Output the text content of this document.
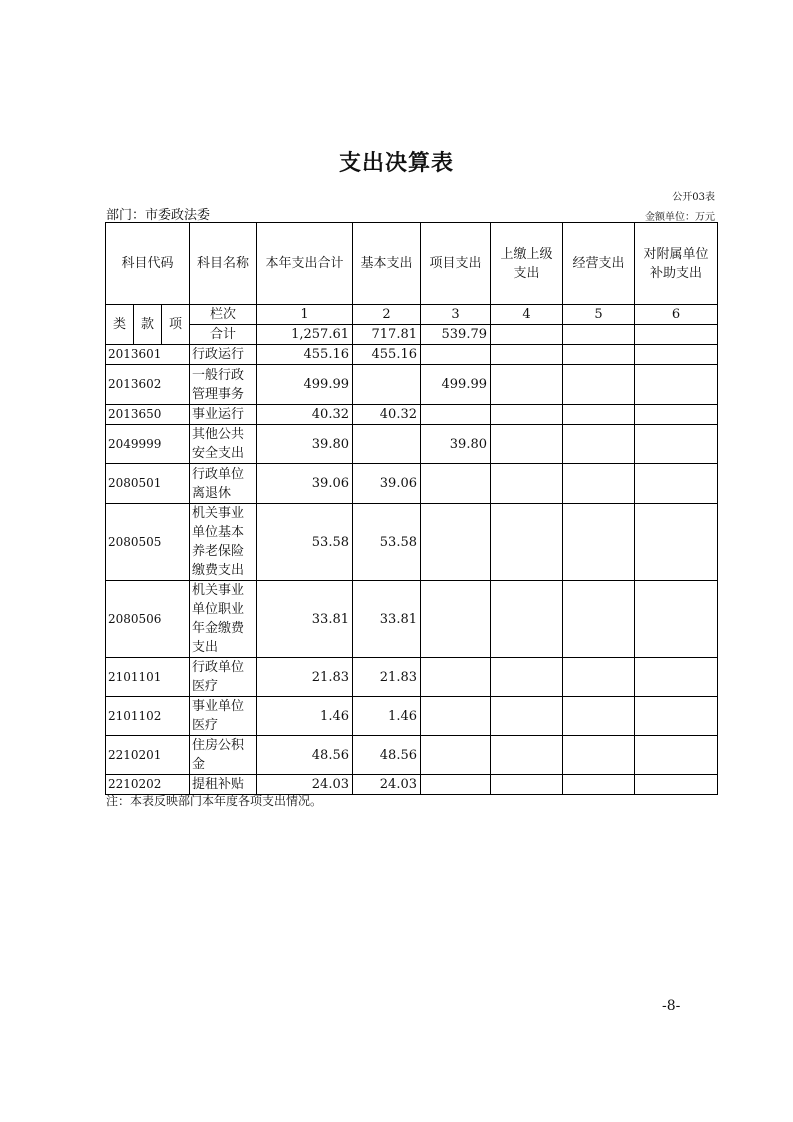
支出决算表
公开03表
部门：市委政法委	金额单位：万元
科目代码			科目名称	本年支出合计	基本支出	项目支出	上缴上级支出	经营支出	对附属单位补助支出
类	款	项	栏次	1	2	3	4	5	6
			合计	1,257.61	717.81	539.79			
2013601			行政运行	455.16	455.16				
2013602			一般行政管理事务	499.99		499.99			
2013650			事业运行	40.32	40.32				
2049999			其他公共安全支出	39.80		39.80			
2080501			行政单位离退休	39.06	39.06				
2080505			机关事业单位基本养老保险缴费支出	53.58	53.58				
2080506			机关事业单位职业年金缴费支出	33.81	33.81				
2101101			行政单位医疗	21.83	21.83				
2101102			事业单位医疗	1.46	1.46				
2210201			住房公积金	48.56	48.56				
2210202			提租补贴	24.03	24.03				
注：本表反映部门本年度各项支出情况。
-8-
